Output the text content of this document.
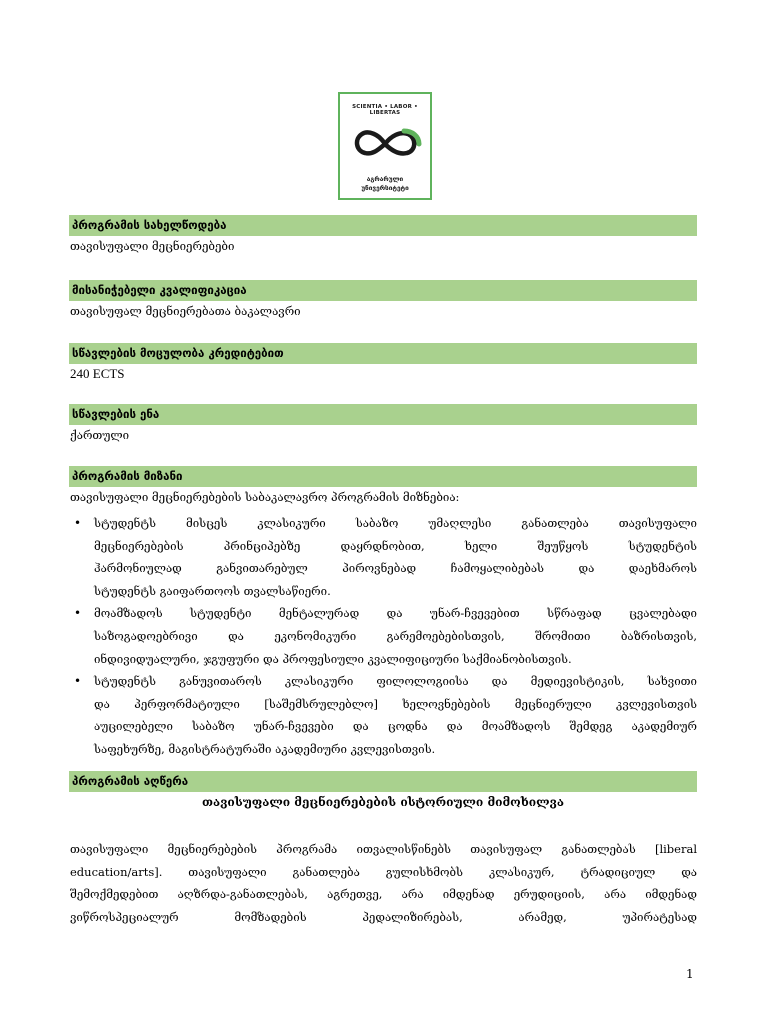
SCIENTIA • LABOR • LIBERTAS
აგრარული
უნივერსიტეტი
პროგრამის სახელწოდება
თავისუფალი მეცნიერებები
მისანიჭებელი კვალიფიკაცია
თავისუფალ მეცნიერებათა ბაკალავრი
სწავლების მოცულობა კრედიტებით
240 ECTS
სწავლების ენა
ქართული
პროგრამის მიზანი
თავისუფალი მეცნიერებების საბაკალავრო პროგრამის მიზნებია:
• სტუდენტს მისცეს კლასიკური საბაზო უმაღლესი განათლება თავისუფალი
მეცნიერებების პრინციპებზე დაყრდნობით, ხელი შეუწყოს სტუდენტის
ჰარმონიულად განვითარებულ პიროვნებად ჩამოყალიბებას და დაეხმაროს
სტუდენტს გაიფართოოს თვალსაწიერი.
• მოამზადოს სტუდენტი მენტალურად და უნარ-ჩვევებით სწრაფად ცვალებადი
საზოგადოებრივი და ეკონომიკური გარემოებებისთვის, შრომითი ბაზრისთვის,
ინდივიდუალური, ჯგუფური და პროფესიული კვალიფიციური საქმიანობისთვის.
• სტუდენტს განუვითაროს კლასიკური ფილოლოგიისა და მედიევისტიკის, სახვითი
და პერფორმატიული [საშემსრულებლო] ხელოვნებების მეცნიერული კვლევისთვის
აუცილებელი საბაზო უნარ-ჩვევები და ცოდნა და მოამზადოს შემდეგ აკადემიურ
საფეხურზე, მაგისტრატურაში აკადემიური კვლევისთვის.
პროგრამის აღწერა
თავისუფალი მეცნიერებების ისტორიული მიმოხილვა
თავისუფალი მეცნიერებების პროგრამა ითვალისწინებს თავისუფალ განათლებას [liberal
education/arts]. თავისუფალი განათლება გულისხმობს კლასიკურ, ტრადიციულ და
შემოქმედებით აღზრდა-განათლებას, აგრეთვე, არა იმდენად ერუდიციის, არა იმდენად
ვიწროსპეციალურ მომზადების პედალიზირებას, არამედ, უპირატესად
1
